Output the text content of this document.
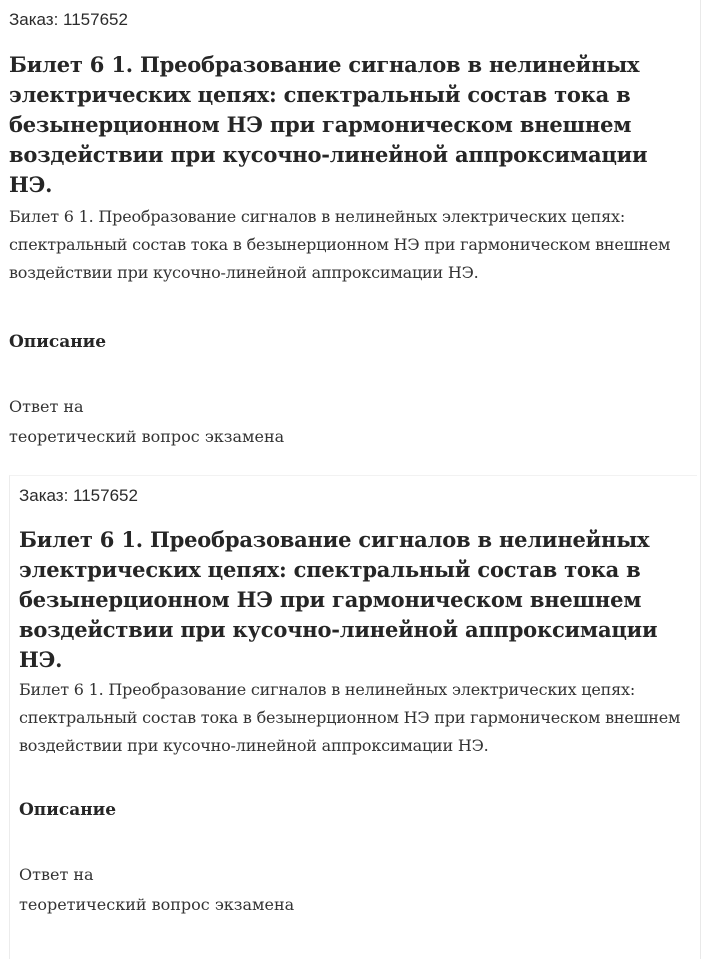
Заказ: 1157652

Билет 6 1. Преобразование сигналов в нелинейных электрических цепях: спектральный состав тока в безынерционном НЭ при гармоническом внешнем воздействии при кусочно-линейной аппроксимации НЭ.

Билет 6 1. Преобразование сигналов в нелинейных электрических цепях: спектральный состав тока в безынерционном НЭ при гармоническом внешнем воздействии при кусочно-линейной аппроксимации НЭ.

Описание
Ответ на
теоретический вопрос экзамена

Заказ: 1157652

Билет 6 1. Преобразование сигналов в нелинейных электрических цепях: спектральный состав тока в безынерционном НЭ при гармоническом внешнем воздействии при кусочно-линейной аппроксимации НЭ.

Билет 6 1. Преобразование сигналов в нелинейных электрических цепях: спектральный состав тока в безынерционном НЭ при гармоническом внешнем воздействии при кусочно-линейной аппроксимации НЭ.

Описание
Ответ на
теоретический вопрос экзамена
